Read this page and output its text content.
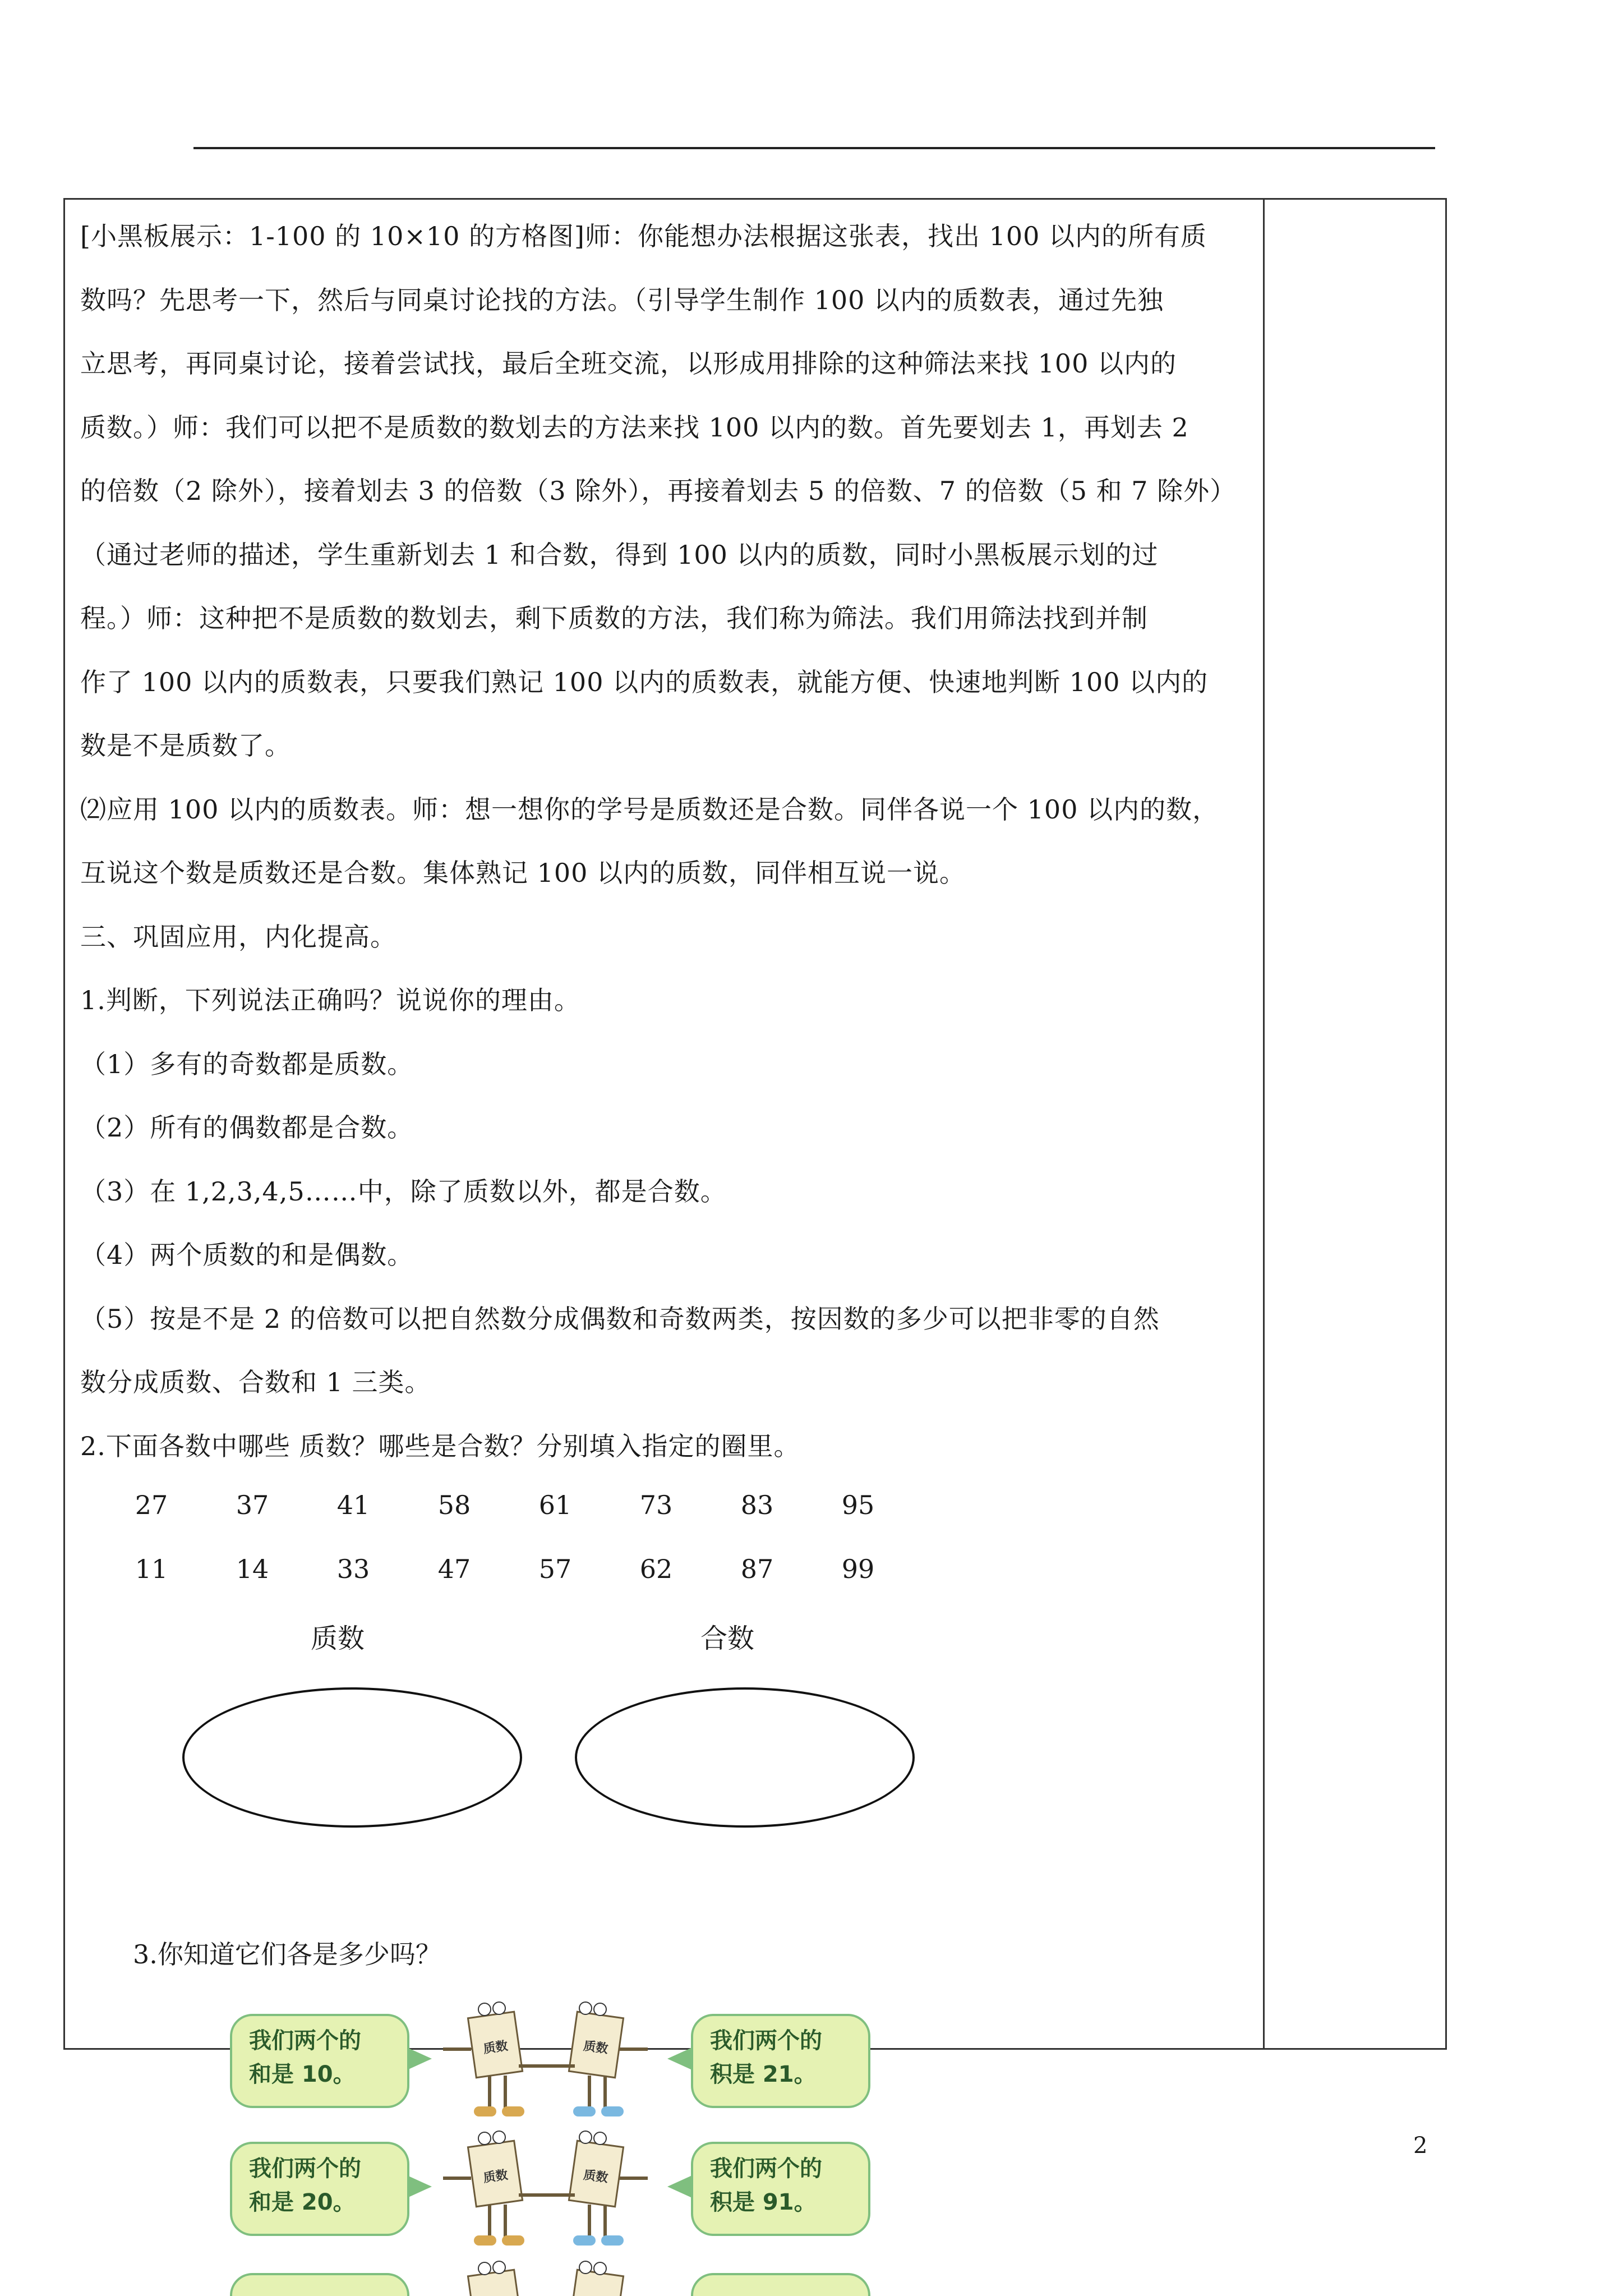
[小黑板展示：1-100 的 10×10 的方格图]师：你能想办法根据这张表，找出 100 以内的所有质

数吗？先思考一下，然后与同桌讨论找的方法。（引导学生制作 100 以内的质数表，通过先独

立思考，再同桌讨论，接着尝试找，最后全班交流，以形成用排除的这种筛法来找 100 以内的

质数。）师：我们可以把不是质数的数划去的方法来找 100 以内的数。首先要划去 1，再划去 2

的倍数（2 除外），接着划去 3 的倍数（3 除外），再接着划去 5 的倍数、7 的倍数（5 和 7 除外）

（通过老师的描述，学生重新划去 1 和合数，得到 100 以内的质数，同时小黑板展示划的过

程。）师：这种把不是质数的数划去，剩下质数的方法，我们称为筛法。我们用筛法找到并制

作了 100 以内的质数表，只要我们熟记 100 以内的质数表，就能方便、快速地判断 100 以内的

数是不是质数了。

⑵应用 100 以内的质数表。师：想一想你的学号是质数还是合数。同伴各说一个 100 以内的数，

互说这个数是质数还是合数。集体熟记 100 以内的质数，同伴相互说一说。

三、巩固应用，内化提高。

1.判断，下列说法正确吗？说说你的理由。

（1）多有的奇数都是质数。

（2）所有的偶数都是合数。

（3）在 1,2,3,4,5……中，除了质数以外，都是合数。

（4）两个质数的和是偶数。

（5）按是不是 2 的倍数可以把自然数分成偶数和奇数两类，按因数的多少可以把非零的自然

数分成质数、合数和 1 三类。

2.下面各数中哪些 质数？哪些是合数？分别填入指定的圈里。

27	37	41	58	61	73	83	95
11	14	33	47	57	62	87	99
质数	合数
3.你知道它们各是多少吗？
我们两个的
和是 10。
质数	质数	我们两个的
积是 21。
我们两个的
和是 20。
质数	质数	我们两个的
积是 91。
2
